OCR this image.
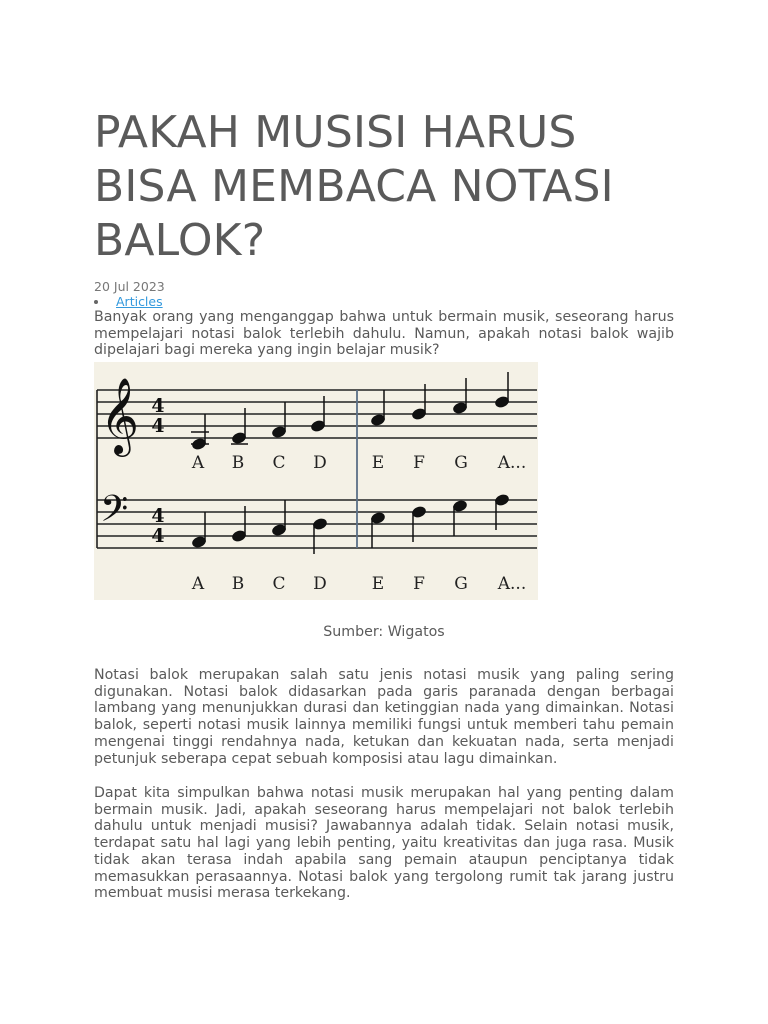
PAKAH MUSISI HARUS BISA MEMBACA NOTASI BALOK?
20 Jul 2023
Articles

Banyak orang yang menganggap bahwa untuk bermain musik, seseorang harus mempelajari notasi balok terlebih dahulu. Namun, apakah notasi balok wajib dipelajari bagi mereka yang ingin belajar musik?

𝄞
𝄢
4
4
4
4
A B C D	E F G A...
A B C D	E F G A...
Sumber: Wigatos

Notasi balok merupakan salah satu jenis notasi musik yang paling sering digunakan. Notasi balok didasarkan pada garis paranada dengan berbagai lambang yang menunjukkan durasi dan ketinggian nada yang dimainkan. Notasi balok, seperti notasi musik lainnya memiliki fungsi untuk memberi tahu pemain mengenai tinggi rendahnya nada, ketukan dan kekuatan nada, serta menjadi petunjuk seberapa cepat sebuah komposisi atau lagu dimainkan.

Dapat kita simpulkan bahwa notasi musik merupakan hal yang penting dalam bermain musik. Jadi, apakah seseorang harus mempelajari not balok terlebih dahulu untuk menjadi musisi? Jawabannya adalah tidak. Selain notasi musik, terdapat satu hal lagi yang lebih penting, yaitu kreativitas dan juga rasa. Musik tidak akan terasa indah apabila sang pemain ataupun penciptanya tidak memasukkan perasaannya. Notasi balok yang tergolong rumit tak jarang justru membuat musisi merasa terkekang.
